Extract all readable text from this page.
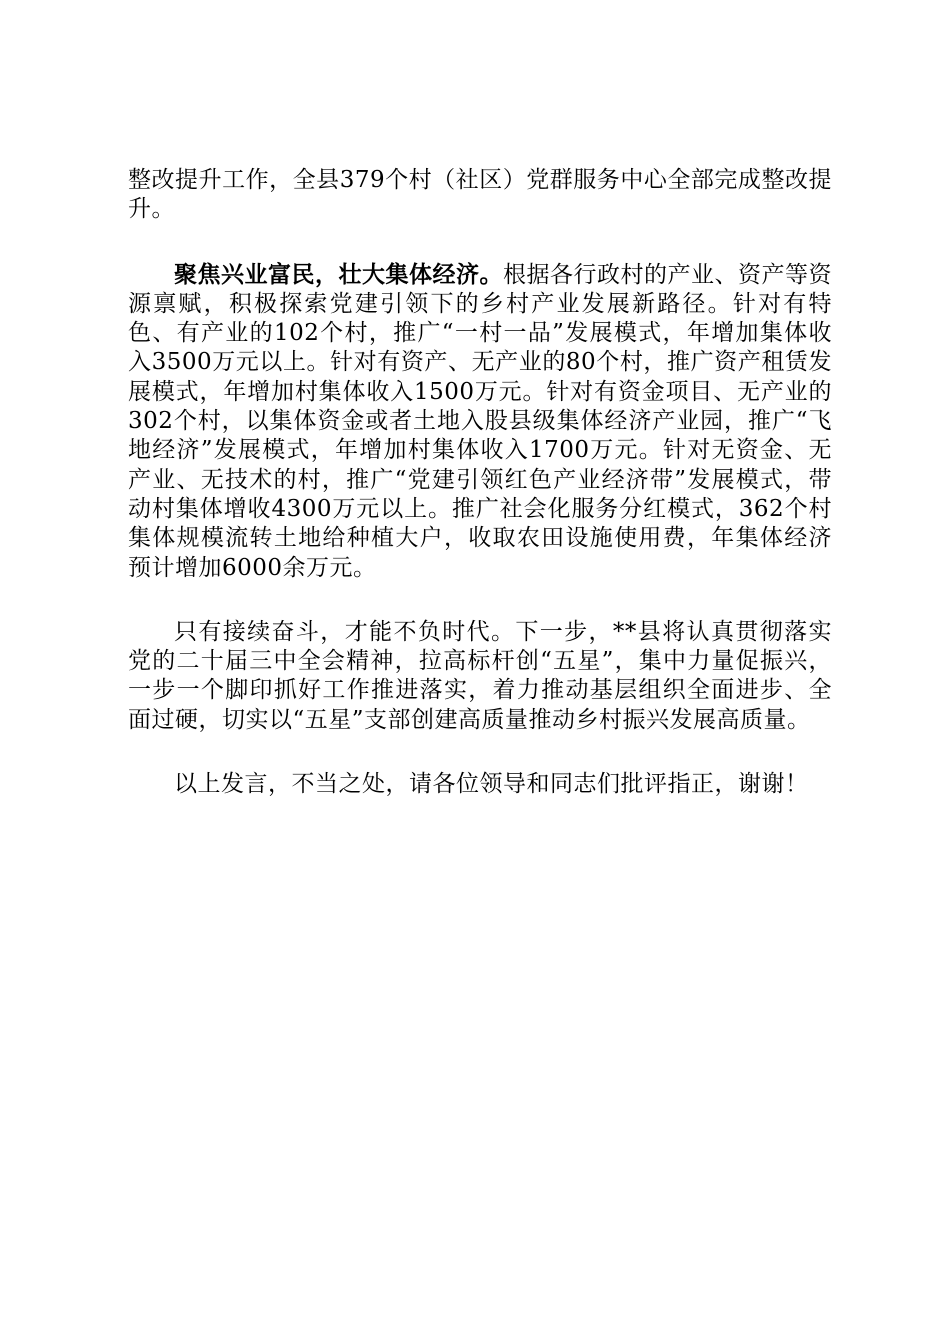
整改提升工作，全县379个村（社区）党群服务中心全部完成整改提升。

聚焦兴业富民，壮大集体经济。根据各行政村的产业、资产等资源禀赋，积极探索党建引领下的乡村产业发展新路径。针对有特色、有产业的102个村，推广“一村一品”发展模式，年增加集体收入3500万元以上。针对有资产、无产业的80个村，推广资产租赁发展模式，年增加村集体收入1500万元。针对有资金项目、无产业的302个村，以集体资金或者土地入股县级集体经济产业园，推广“飞地经济”发展模式，年增加村集体收入1700万元。针对无资金、无产业、无技术的村，推广“党建引领红色产业经济带”发展模式，带动村集体增收4300万元以上。推广社会化服务分红模式，362个村集体规模流转土地给种植大户，收取农田设施使用费，年集体经济预计增加6000余万元。

只有接续奋斗，才能不负时代。下一步，**县将认真贯彻落实党的二十届三中全会精神，拉高标杆创“五星”，集中力量促振兴，一步一个脚印抓好工作推进落实，着力推动基层组织全面进步、全面过硬，切实以“五星”支部创建高质量推动乡村振兴发展高质量。

以上发言，不当之处，请各位领导和同志们批评指正，谢谢！
